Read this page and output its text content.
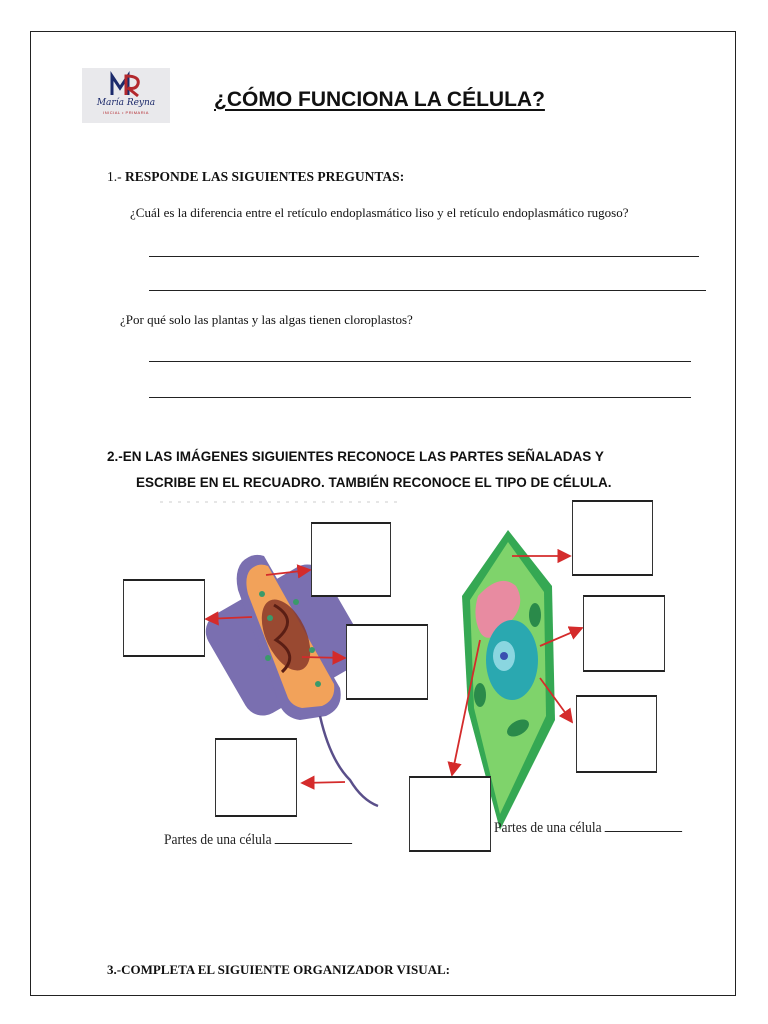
María Reyna
INICIAL • PRIMARIA
¿CÓMO FUNCIONA LA CÉLULA?
1.- RESPONDE LAS SIGUIENTES PREGUNTAS:
¿Cuál es la diferencia entre el retículo endoplasmático liso y el retículo endoplasmático rugoso?
¿Por qué solo las plantas y las algas tienen cloroplastos?
2.-EN LAS IMÁGENES SIGUIENTES RECONOCE LAS PARTES SEÑALADAS Y
ESCRIBE EN EL RECUADRO. TAMBIÉN RECONOCE EL TIPO DE CÉLULA.
Partes de una célula
Partes de una célula
3.-COMPLETA EL SIGUIENTE ORGANIZADOR VISUAL:
